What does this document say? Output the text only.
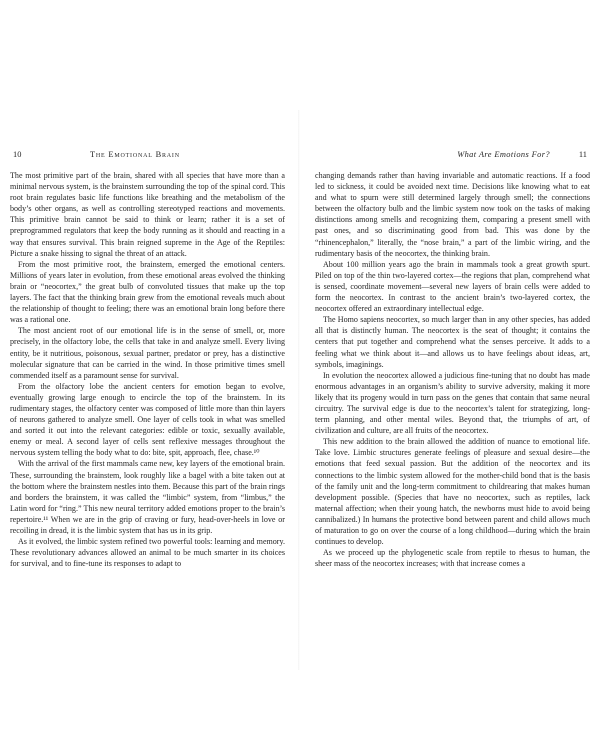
10	The Emotional Brain

The most primitive part of the brain, shared with all species that have more than a minimal nervous system, is the brainstem surrounding the top of the spinal cord. This root brain regulates basic life functions like breathing and the metabolism of the body’s other organs, as well as controlling stereotyped reactions and movements. This primitive brain cannot be said to think or learn; rather it is a set of preprogrammed regulators that keep the body running as it should and reacting in a way that ensures survival. This brain reigned supreme in the Age of the Reptiles: Picture a snake hissing to signal the threat of an attack.

From the most primitive root, the brainstem, emerged the emotional centers. Millions of years later in evolution, from these emotional areas evolved the thinking brain or “neocortex,” the great bulb of convoluted tissues that make up the top layers. The fact that the thinking brain grew from the emotional reveals much about the relationship of thought to feeling; there was an emotional brain long before there was a rational one.

The most ancient root of our emotional life is in the sense of smell, or, more precisely, in the olfactory lobe, the cells that take in and analyze smell. Every living entity, be it nutritious, poisonous, sexual partner, predator or prey, has a distinctive molecular signature that can be carried in the wind. In those primitive times smell commended itself as a paramount sense for survival.

From the olfactory lobe the ancient centers for emotion began to evolve, eventually growing large enough to encircle the top of the brainstem. In its rudimentary stages, the olfactory center was composed of little more than thin layers of neurons gathered to analyze smell. One layer of cells took in what was smelled and sorted it out into the relevant categories: edible or toxic, sexually available, enemy or meal. A second layer of cells sent reflexive messages throughout the nervous system telling the body what to do: bite, spit, approach, flee, chase.¹⁰

With the arrival of the first mammals came new, key layers of the emotional brain. These, surrounding the brainstem, look roughly like a bagel with a bite taken out at the bottom where the brainstem nestles into them. Because this part of the brain rings and borders the brainstem, it was called the “limbic” system, from “limbus,” the Latin word for “ring.” This new neural territory added emotions proper to the brain’s repertoire.¹¹ When we are in the grip of craving or fury, head-over-heels in love or recoiling in dread, it is the limbic system that has us in its grip.

As it evolved, the limbic system refined two powerful tools: learning and memory. These revolutionary advances allowed an animal to be much smarter in its choices for survival, and to fine-tune its responses to adapt to

What Are Emotions For?	11

changing demands rather than having invariable and automatic reactions. If a food led to sickness, it could be avoided next time. Decisions like knowing what to eat and what to spurn were still determined largely through smell; the connections between the olfactory bulb and the limbic system now took on the tasks of making distinctions among smells and recognizing them, comparing a present smell with past ones, and so discriminating good from bad. This was done by the “rhinencephalon,” literally, the “nose brain,” a part of the limbic wiring, and the rudimentary basis of the neocortex, the thinking brain.

About 100 million years ago the brain in mammals took a great growth spurt. Piled on top of the thin two-layered cortex—the regions that plan, comprehend what is sensed, coordinate movement—several new layers of brain cells were added to form the neocortex. In contrast to the ancient brain’s two-layered cortex, the neocortex offered an extraordinary intellectual edge.

The Homo sapiens neocortex, so much larger than in any other species, has added all that is distinctly human. The neocortex is the seat of thought; it contains the centers that put together and comprehend what the senses perceive. It adds to a feeling what we think about it—and allows us to have feelings about ideas, art, symbols, imaginings.

In evolution the neocortex allowed a judicious fine-tuning that no doubt has made enormous advantages in an organism’s ability to survive adversity, making it more likely that its progeny would in turn pass on the genes that contain that same neural circuitry. The survival edge is due to the neocortex’s talent for strategizing, long-term planning, and other mental wiles. Beyond that, the triumphs of art, of civilization and culture, are all fruits of the neocortex.

This new addition to the brain allowed the addition of nuance to emotional life. Take love. Limbic structures generate feelings of pleasure and sexual desire—the emotions that feed sexual passion. But the addition of the neocortex and its connections to the limbic system allowed for the mother-child bond that is the basis of the family unit and the long-term commitment to childrearing that makes human development possible. (Species that have no neocortex, such as reptiles, lack maternal affection; when their young hatch, the newborns must hide to avoid being cannibalized.) In humans the protective bond between parent and child allows much of maturation to go on over the course of a long childhood—during which the brain continues to develop.

As we proceed up the phylogenetic scale from reptile to rhesus to human, the sheer mass of the neocortex increases; with that increase comes a
